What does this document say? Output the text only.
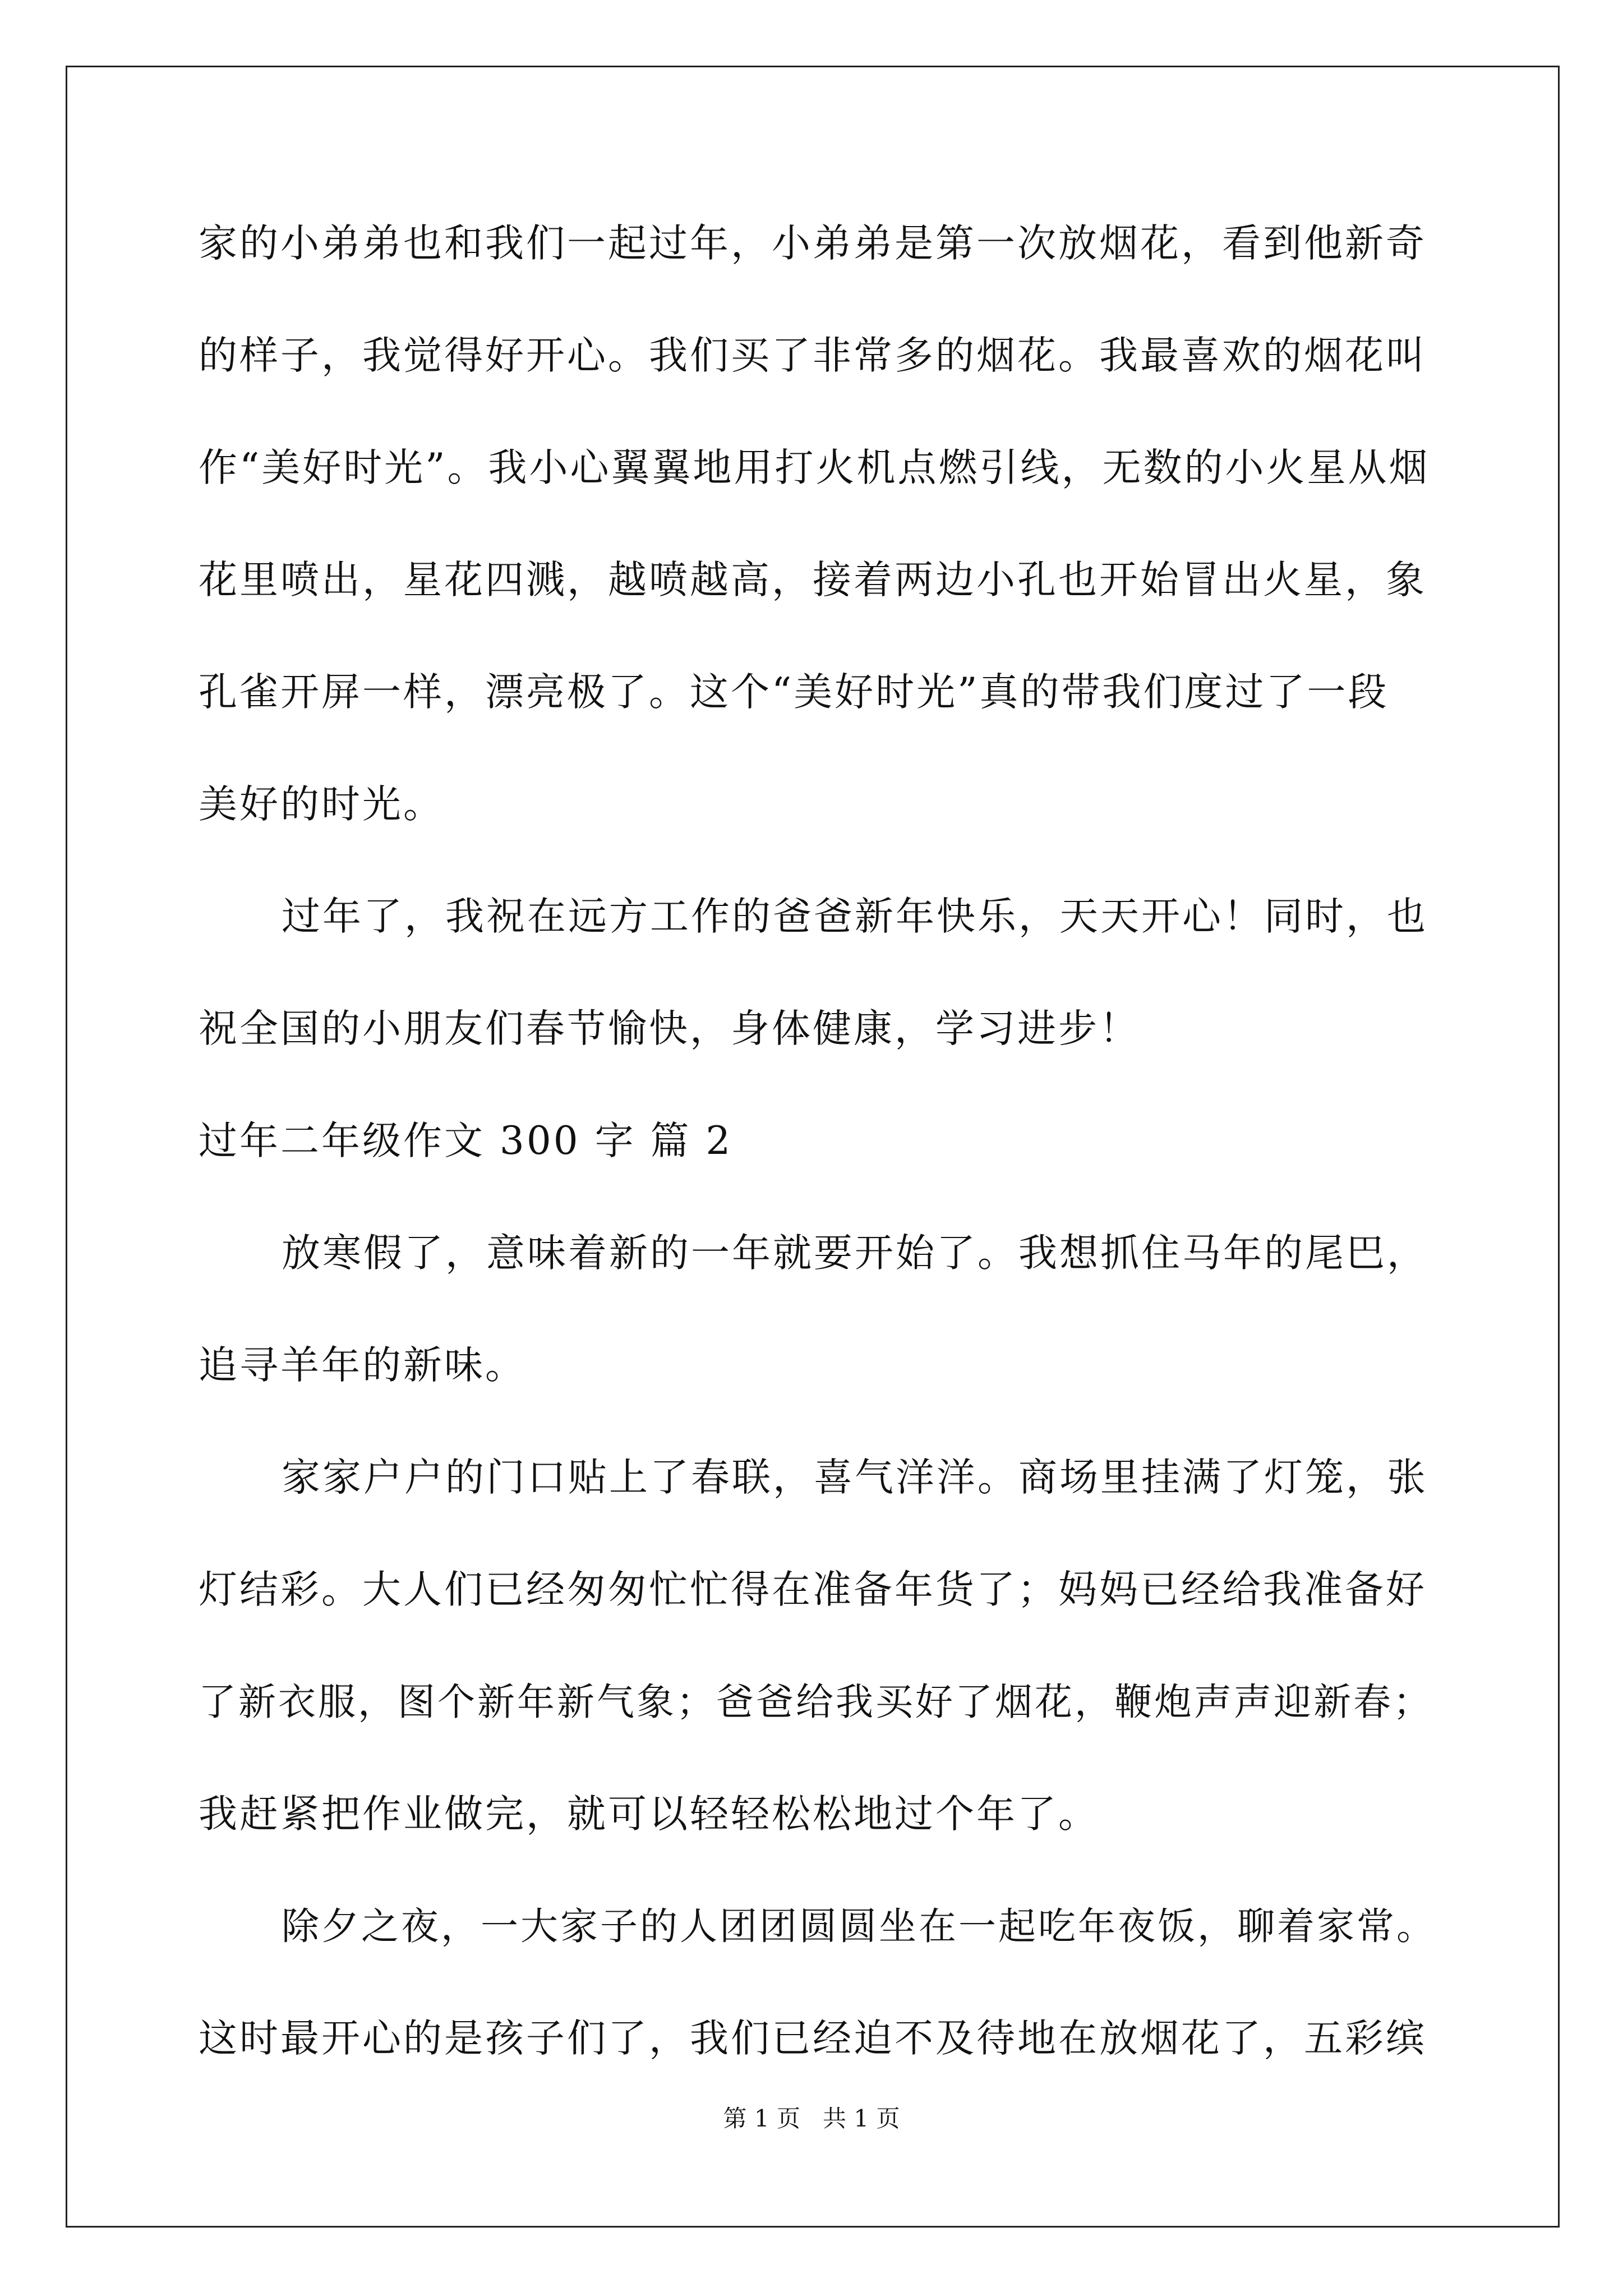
家的小弟弟也和我们一起过年，小弟弟是第一次放烟花，看到他新奇
的样子，我觉得好开心。我们买了非常多的烟花。我最喜欢的烟花叫
作“美好时光”。我小心翼翼地用打火机点燃引线，无数的小火星从烟
花里喷出，星花四溅，越喷越高，接着两边小孔也开始冒出火星，象
孔雀开屏一样，漂亮极了。这个“美好时光”真的带我们度过了一段
美好的时光。
过年了，我祝在远方工作的爸爸新年快乐，天天开心！同时，也
祝全国的小朋友们春节愉快，身体健康，学习进步！
过年二年级作文 300 字 篇 2
放寒假了，意味着新的一年就要开始了。我想抓住马年的尾巴，
追寻羊年的新味。
家家户户的门口贴上了春联，喜气洋洋。商场里挂满了灯笼，张
灯结彩。大人们已经匆匆忙忙得在准备年货了；妈妈已经给我准备好
了新衣服，图个新年新气象；爸爸给我买好了烟花，鞭炮声声迎新春；
我赶紧把作业做完，就可以轻轻松松地过个年了。
除夕之夜，一大家子的人团团圆圆坐在一起吃年夜饭，聊着家常。
这时最开心的是孩子们了，我们已经迫不及待地在放烟花了，五彩缤
第 1 页   共 1 页
